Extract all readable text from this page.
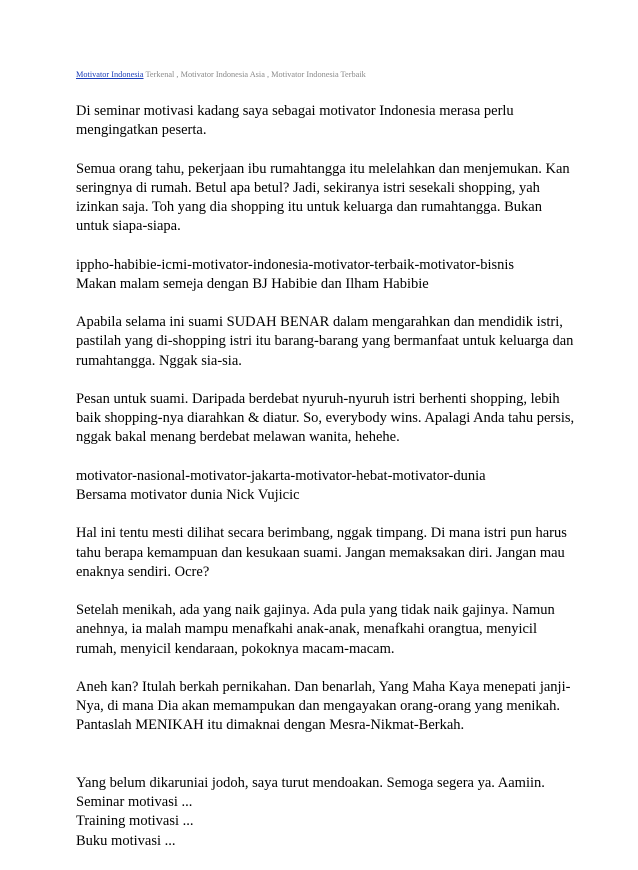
Motivator Indonesia Terkenal , Motivator Indonesia Asia , Motivator Indonesia Terbaik

Di seminar motivasi kadang saya sebagai motivator Indonesia merasa perlu
mengingatkan peserta.

Semua orang tahu, pekerjaan ibu rumahtangga itu melelahkan dan menjemukan. Kan
seringnya di rumah. Betul apa betul? Jadi, sekiranya istri sesekali shopping, yah
izinkan saja. Toh yang dia shopping itu untuk keluarga dan rumahtangga. Bukan
untuk siapa-siapa.

ippho-habibie-icmi-motivator-indonesia-motivator-terbaik-motivator-bisnis
Makan malam semeja dengan BJ Habibie dan Ilham Habibie

Apabila selama ini suami SUDAH BENAR dalam mengarahkan dan mendidik istri,
pastilah yang di-shopping istri itu barang-barang yang bermanfaat untuk keluarga dan
rumahtangga. Nggak sia-sia.

Pesan untuk suami. Daripada berdebat nyuruh-nyuruh istri berhenti shopping, lebih
baik shopping-nya diarahkan & diatur. So, everybody wins. Apalagi Anda tahu persis,
nggak bakal menang berdebat melawan wanita, hehehe.

motivator-nasional-motivator-jakarta-motivator-hebat-motivator-dunia
Bersama motivator dunia Nick Vujicic

Hal ini tentu mesti dilihat secara berimbang, nggak timpang. Di mana istri pun harus
tahu berapa kemampuan dan kesukaan suami. Jangan memaksakan diri. Jangan mau
enaknya sendiri. Ocre?

Setelah menikah, ada yang naik gajinya. Ada pula yang tidak naik gajinya. Namun
anehnya, ia malah mampu menafkahi anak-anak, menafkahi orangtua, menyicil
rumah, menyicil kendaraan, pokoknya macam-macam.

Aneh kan? Itulah berkah pernikahan. Dan benarlah, Yang Maha Kaya menepati janji-
Nya, di mana Dia akan memampukan dan mengayakan orang-orang yang menikah.
Pantaslah MENIKAH itu dimaknai dengan Mesra-Nikmat-Berkah.

Yang belum dikaruniai jodoh, saya turut mendoakan. Semoga segera ya. Aamiin.
Seminar motivasi ...
Training motivasi ...
Buku motivasi ...
